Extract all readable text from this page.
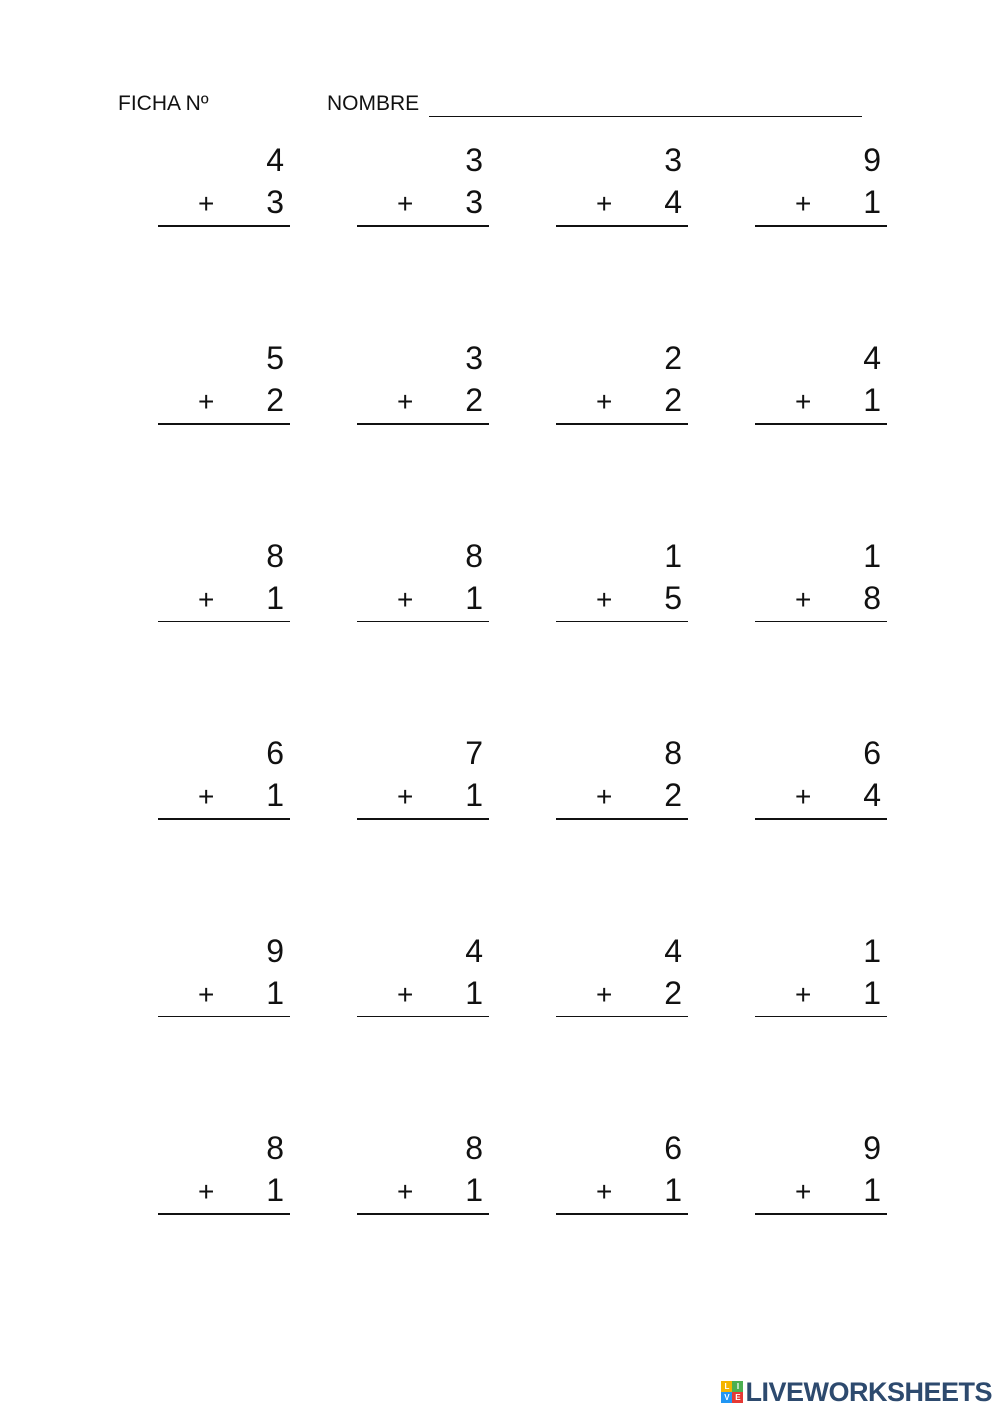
FICHA Nº	NOMBRE
4
+ 3
3
+ 3
3
+ 4
9
+ 1
5
+ 2
3
+ 2
2
+ 2
4
+ 1
8
+ 1
8
+ 1
1
+ 5
1
+ 8
6
+ 1
7
+ 1
8
+ 2
6
+ 4
9
+ 1
4
+ 1
4
+ 2
1
+ 1
8
+ 1
8
+ 1
6
+ 1
9
+ 1
L I
V E LIVEWORKSHEETS
